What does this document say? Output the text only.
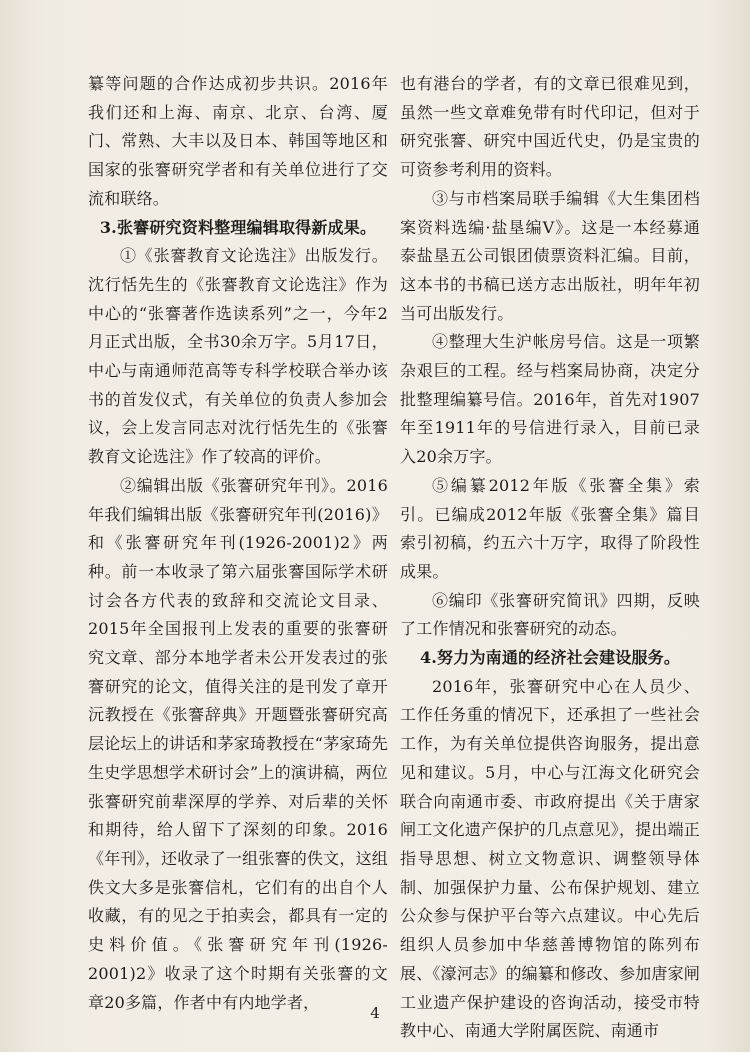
纂等问题的合作达成初步共识。2016年我们还和上海、南京、北京、台湾、厦门、常熟、大丰以及日本、韩国等地区和国家的张謇研究学者和有关单位进行了交流和联络。

3.张謇研究资料整理编辑取得新成果。

①《张謇教育文论选注》出版发行。沈行恬先生的《张謇教育文论选注》作为中心的“张謇著作选读系列”之一，今年2月正式出版，全书30余万字。5月17日，中心与南通师范高等专科学校联合举办该书的首发仪式，有关单位的负责人参加会议，会上发言同志对沈行恬先生的《张謇教育文论选注》作了较高的评价。

②编辑出版《张謇研究年刊》。2016年我们编辑出版《张謇研究年刊(2016)》和《张謇研究年刊(1926-2001)2》两种。前一本收录了第六届张謇国际学术研讨会各方代表的致辞和交流论文目录、2015年全国报刊上发表的重要的张謇研究文章、部分本地学者未公开发表过的张謇研究的论文，值得关注的是刊发了章开沅教授在《张謇辞典》开题暨张謇研究高层论坛上的讲话和茅家琦教授在“茅家琦先生史学思想学术研讨会”上的演讲稿，两位张謇研究前辈深厚的学养、对后辈的关怀和期待，给人留下了深刻的印象。2016《年刊》，还收录了一组张謇的佚文，这组佚文大多是张謇信札，它们有的出自个人收藏，有的见之于拍卖会，都具有一定的史料价值。《张謇研究年刊(1926-2001)2》收录了这个时期有关张謇的文章20多篇，作者中有内地学者，

也有港台的学者，有的文章已很难见到，虽然一些文章难免带有时代印记，但对于研究张謇、研究中国近代史，仍是宝贵的可资参考利用的资料。

③与市档案局联手编辑《大生集团档案资料选编·盐垦编Ⅴ》。这是一本经募通泰盐垦五公司银团债票资料汇编。目前，这本书的书稿已送方志出版社，明年年初当可出版发行。

④整理大生沪帐房号信。这是一项繁杂艰巨的工程。经与档案局协商，决定分批整理编纂号信。2016年，首先对1907年至1911年的号信进行录入，目前已录入20余万字。

⑤编纂2012年版《张謇全集》索引。已编成2012年版《张謇全集》篇目索引初稿，约五六十万字，取得了阶段性成果。

⑥编印《张謇研究简讯》四期，反映了工作情况和张謇研究的动态。

4.努力为南通的经济社会建设服务。

2016年，张謇研究中心在人员少、工作任务重的情况下，还承担了一些社会工作，为有关单位提供咨询服务，提出意见和建议。5月，中心与江海文化研究会联合向南通市委、市政府提出《关于唐家闸工文化遗产保护的几点意见》，提出端正指导思想、树立文物意识、调整领导体制、加强保护力量、公布保护规划、建立公众参与保护平台等六点建议。中心先后组织人员参加中华慈善博物馆的陈列布展、《濠河志》的编纂和修改、参加唐家闸工业遗产保护建设的咨询活动，接受市特教中心、南通大学附属医院、南通市

4
